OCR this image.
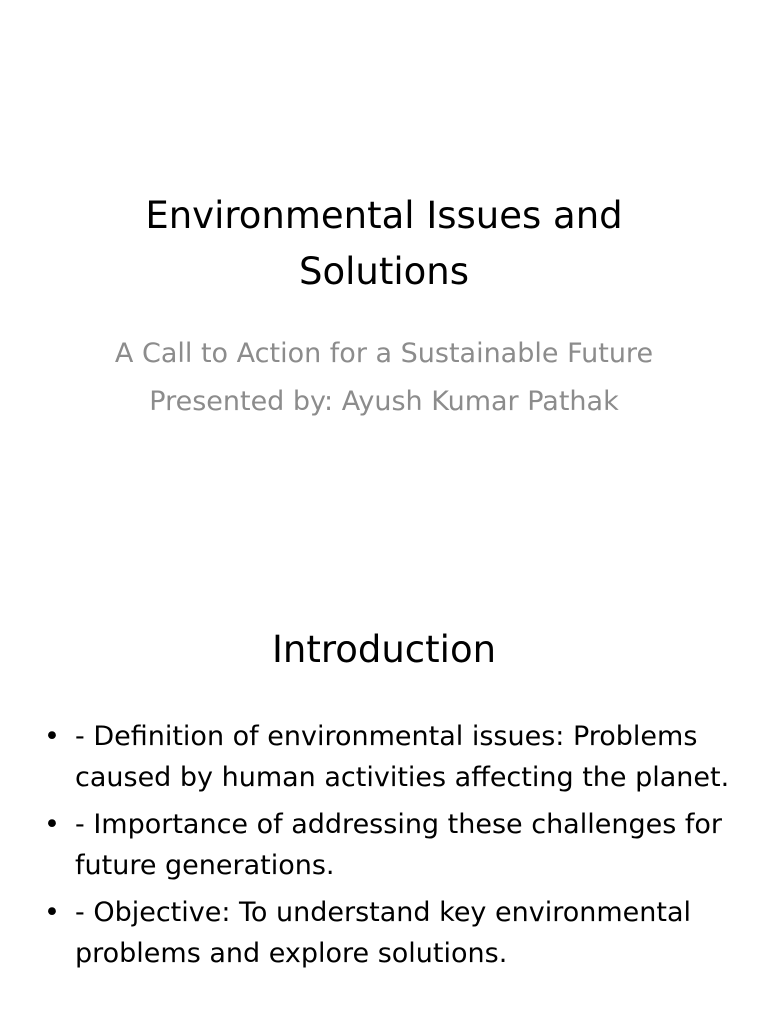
Environmental Issues and Solutions

A Call to Action for a Sustainable Future

Presented by: Ayush Kumar Pathak

Introduction
• - Definition of environmental issues: Problems caused by human activities affecting the planet.
• - Importance of addressing these challenges for future generations.
• - Objective: To understand key environmental problems and explore solutions.
